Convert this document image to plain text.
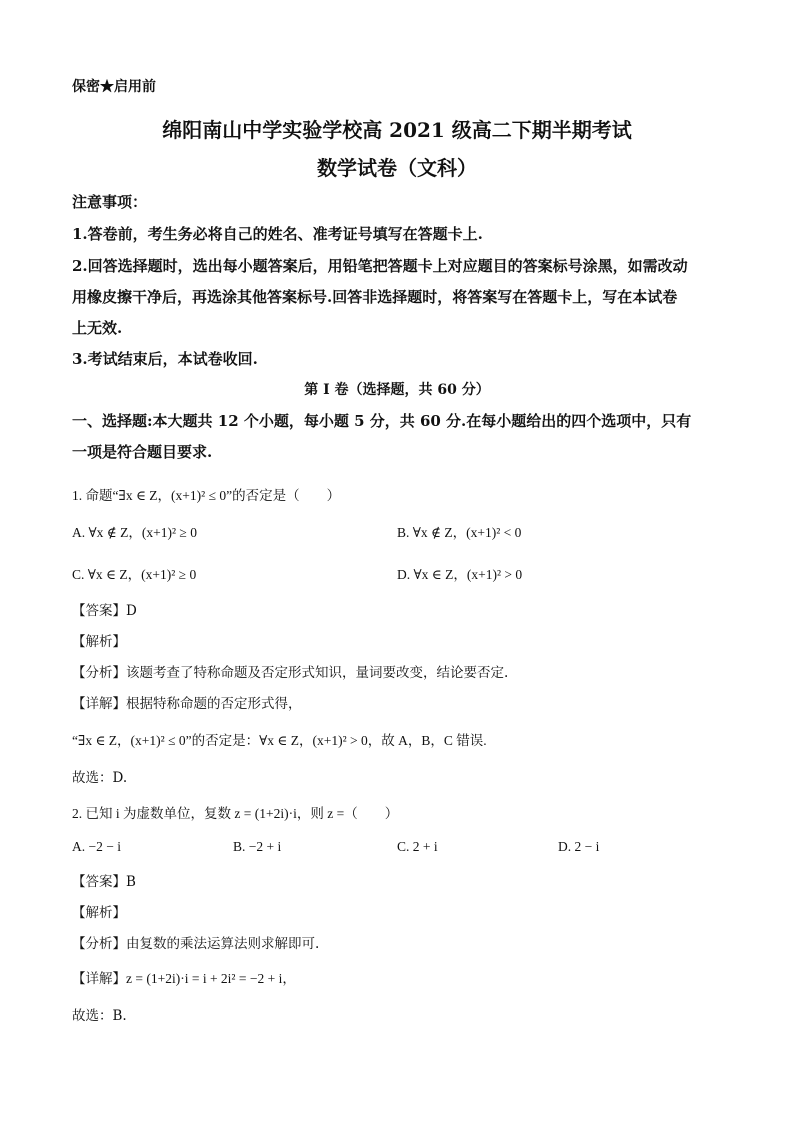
保密★启用前
绵阳南山中学实验学校高 2021 级高二下期半期考试
数学试卷（文科）
注意事项：
1.答卷前，考生务必将自己的姓名、准考证号填写在答题卡上.
2.回答选择题时，选出每小题答案后，用铅笔把答题卡上对应题目的答案标号涂黑，如需改动
用橡皮擦干净后，再选涂其他答案标号.回答非选择题时，将答案写在答题卡上，写在本试卷
上无效.
3.考试结束后，本试卷收回.
第 I 卷（选择题，共 60 分）
一、选择题:本大题共 12 个小题，每小题 5 分，共 60 分.在每小题给出的四个选项中，只有
一项是符合题目要求.
1. 命题“∃x ∈ Z，(x+1)² ≤ 0”的否定是（　　）
A. ∀x ∉ Z，(x+1)² ≥ 0	B. ∀x ∉ Z，(x+1)² < 0
C. ∀x ∈ Z，(x+1)² ≥ 0	D. ∀x ∈ Z，(x+1)² > 0
【答案】D
【解析】
【分析】该题考查了特称命题及否定形式知识，量词要改变，结论要否定.
【详解】根据特称命题的否定形式得，
“∃x ∈ Z，(x+1)² ≤ 0”的否定是：∀x ∈ Z，(x+1)² > 0，故 A，B，C 错误.
故选：D.
2. 已知 i 为虚数单位，复数 z = (1+2i)·i，则 z =（　　）
A. −2 − i	B. −2 + i	C. 2 + i	D. 2 − i
【答案】B
【解析】
【分析】由复数的乘法运算法则求解即可.
【详解】z = (1+2i)·i = i + 2i² = −2 + i，
故选：B.
